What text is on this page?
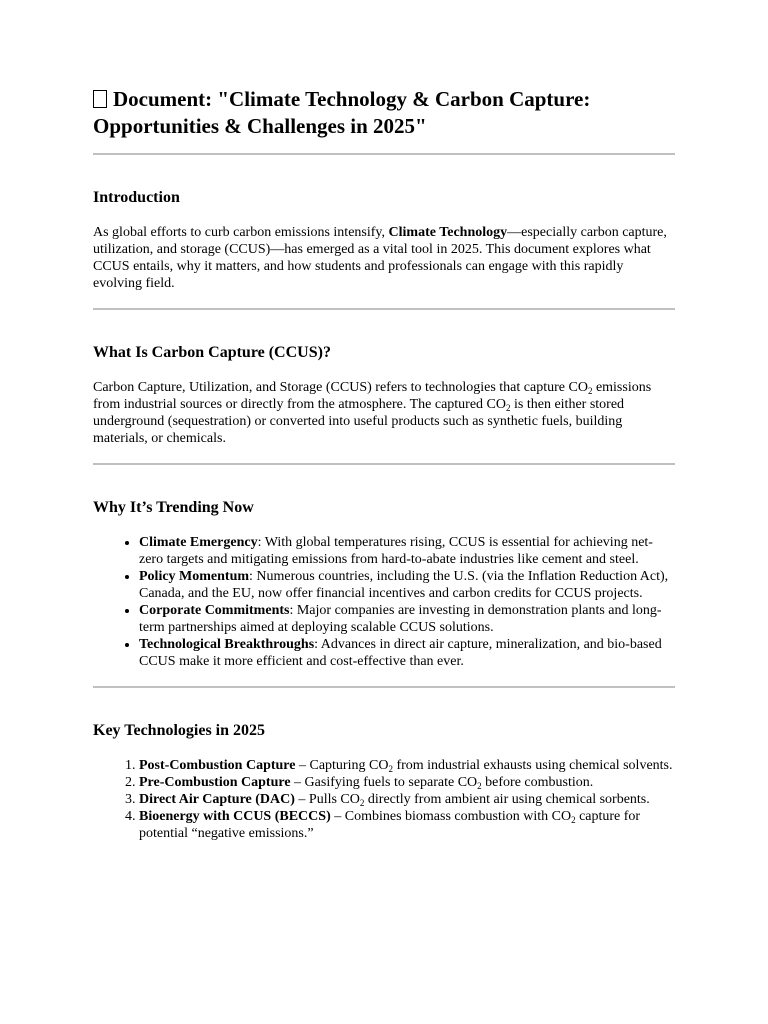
Document: "Climate Technology & Carbon Capture:
Opportunities & Challenges in 2025"
Introduction

As global efforts to curb carbon emissions intensify, Climate Technology—especially carbon capture, utilization, and storage (CCUS)—has emerged as a vital tool in 2025. This document explores what CCUS entails, why it matters, and how students and professionals can engage with this rapidly evolving field.

What Is Carbon Capture (CCUS)?

Carbon Capture, Utilization, and Storage (CCUS) refers to technologies that capture $CO_2$ emissions from industrial sources or directly from the atmosphere. The captured $CO_2$ is then either stored underground (sequestration) or converted into useful products such as synthetic fuels, building materials, or chemicals.

Why It’s Trending Now
• Climate Emergency: With global temperatures rising, CCUS is essential for achieving net-zero targets and mitigating emissions from hard-to-abate industries like cement and steel.
• Policy Momentum: Numerous countries, including the U.S. (via the Inflation Reduction Act), Canada, and the EU, now offer financial incentives and carbon credits for CCUS projects.
• Corporate Commitments: Major companies are investing in demonstration plants and long-term partnerships aimed at deploying scalable CCUS solutions.
• Technological Breakthroughs: Advances in direct air capture, mineralization, and bio-based CCUS make it more efficient and cost-effective than ever.
Key Technologies in 2025
1. Post-Combustion Capture – Capturing $CO_2$ from industrial exhausts using chemical solvents.
2. Pre-Combustion Capture – Gasifying fuels to separate $CO_2$ before combustion.
3. Direct Air Capture (DAC) – Pulls $CO_2$ directly from ambient air using chemical sorbents.
4. Bioenergy with CCUS (BECCS) – Combines biomass combustion with $CO_2$ capture for potential “negative emissions.”
